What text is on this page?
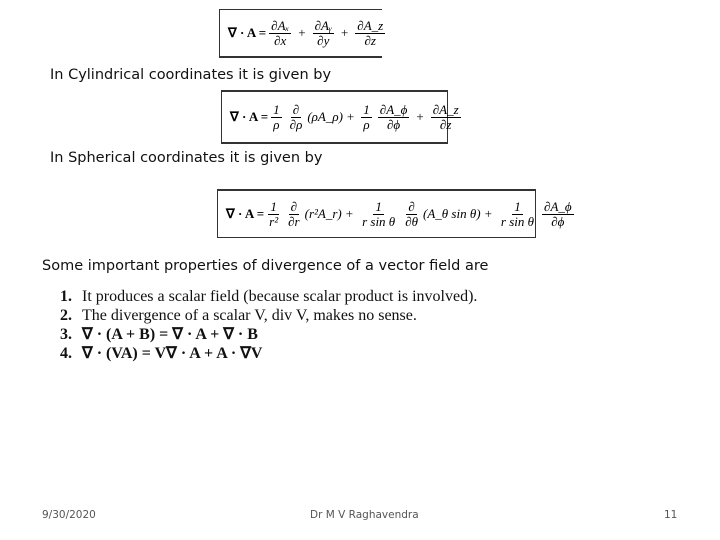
∇ · $A = \frac{\text{∂Aₓ}}{\partial x} + \frac{\text{∂Aᵧ}}{\partial y} + \frac{\partial A\_z}{\partial z}$
In Cylindrical coordinates it is given by
∇ · $A = \frac{1}{\rho} \frac{\partial}{\partial\rho}$ (ρA_ρ) + $\frac{1}{\rho} \frac{\partial A\_\phi}{\partial\phi} + \frac{\partial A\_z}{\partial z}$
In Spherical coordinates it is given by
∇ · $A = \frac{1}{\text{r²}} \frac{\partial}{\partial r}$ (r²A_r) + $\frac{1}{\text{r sin θ}} \frac{\partial}{\partial\theta}$ (A_θ $\sin \theta) + \frac{1}{\text{r sin θ}} \frac{\partial A\_\phi}{\partial\phi}$
Some important properties of divergence of a vector field are
1. It produces a scalar field (because scalar product is involved).
2. The divergence of a scalar V, div V, makes no sense.
3. ∇ · (A + B) = ∇ · A + ∇ · B
4. ∇ · (VA) = V∇ · A + A · ∇V
9/30/2020	Dr M V Raghavendra	11
